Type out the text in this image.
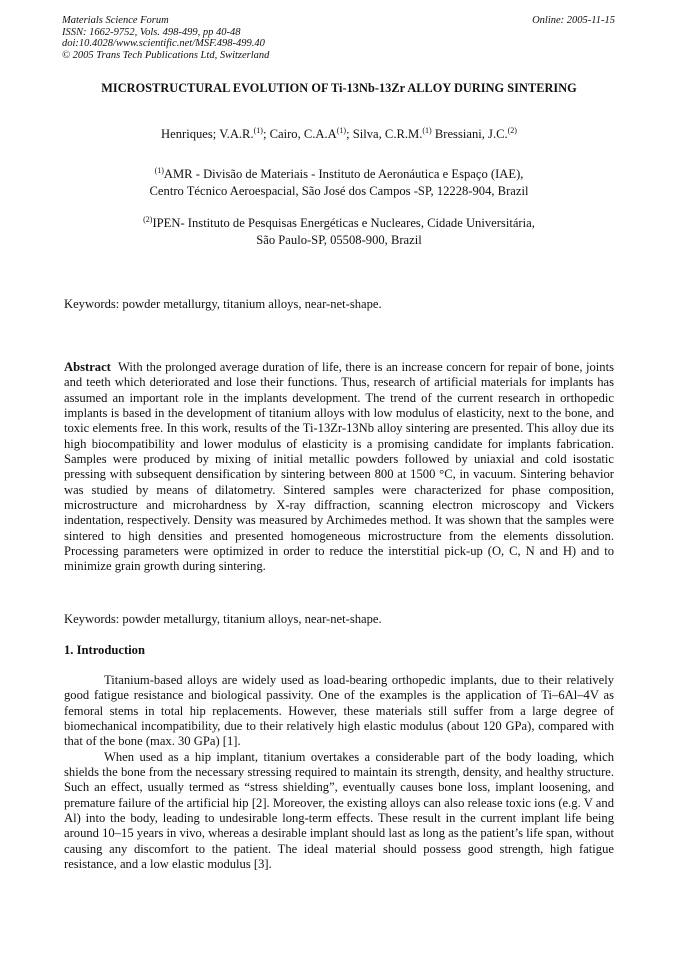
Materials Science Forum
ISSN: 1662-9752, Vols. 498-499, pp 40-48
doi:10.4028/www.scientific.net/MSF.498-499.40
© 2005 Trans Tech Publications Ltd, Switzerland
Online: 2005-11-15
MICROSTRUCTURAL EVOLUTION OF Ti-13Nb-13Zr ALLOY DURING SINTERING
Henriques; V.A.R.$^{(1)}$; Cairo, $C.A.A^{(1)}$; Silva, C.R.M.$^{(1)}$ Bressiani, J.C.$^{(2)}$
$^{(1)}$AMR - Divisão de Materiais - Instituto de Aeronáutica e Espaço (IAE),
Centro Técnico Aeroespacial, São José dos Campos -SP, 12228-904, Brazil
$^{(2)}$IPEN- Instituto de Pesquisas Energéticas e Nucleares, Cidade Universitária,
São Paulo-SP, 05508-900, Brazil
Keywords: powder metallurgy, titanium alloys, near-net-shape.
Abstract With the prolonged average duration of life, there is an increase concern for repair of bone, joints and teeth which deteriorated and lose their functions. Thus, research of artificial materials for implants has assumed an important role in the implants development. The trend of the current research in orthopedic implants is based in the development of titanium alloys with low modulus of elasticity, next to the bone, and toxic elements free. In this work, results of the Ti-13Zr-13Nb alloy sintering are presented. This alloy due its high biocompatibility and lower modulus of elasticity is a promising candidate for implants fabrication. Samples were produced by mixing of initial metallic powders followed by uniaxial and cold isostatic pressing with subsequent densification by sintering between 800 at 1500 °C, in vacuum. Sintering behavior was studied by means of dilatometry. Sintered samples were characterized for phase composition, microstructure and microhardness by X-ray diffraction, scanning electron microscopy and Vickers indentation, respectively. Density was measured by Archimedes method. It was shown that the samples were sintered to high densities and presented homogeneous microstructure from the elements dissolution. Processing parameters were optimized in order to reduce the interstitial pick-up (O, C, N and H) and to minimize grain growth during sintering.
Keywords: powder metallurgy, titanium alloys, near-net-shape.
1. Introduction

Titanium-based alloys are widely used as load-bearing orthopedic implants, due to their relatively good fatigue resistance and biological passivity. One of the examples is the application of Ti–6Al–4V as femoral stems in total hip replacements. However, these materials still suffer from a large degree of biomechanical incompatibility, due to their relatively high elastic modulus (about 120 GPa), compared with that of the bone (max. 30 GPa) [1].

When used as a hip implant, titanium overtakes a considerable part of the body loading, which shields the bone from the necessary stressing required to maintain its strength, density, and healthy structure. Such an effect, usually termed as “stress shielding”, eventually causes bone loss, implant loosening, and premature failure of the artificial hip [2]. Moreover, the existing alloys can also release toxic ions (e.g. V and Al) into the body, leading to undesirable long-term effects. These result in the current implant life being around 10–15 years in vivo, whereas a desirable implant should last as long as the patient’s life span, without causing any discomfort to the patient. The ideal material should possess good strength, high fatigue resistance, and a low elastic modulus [3].
